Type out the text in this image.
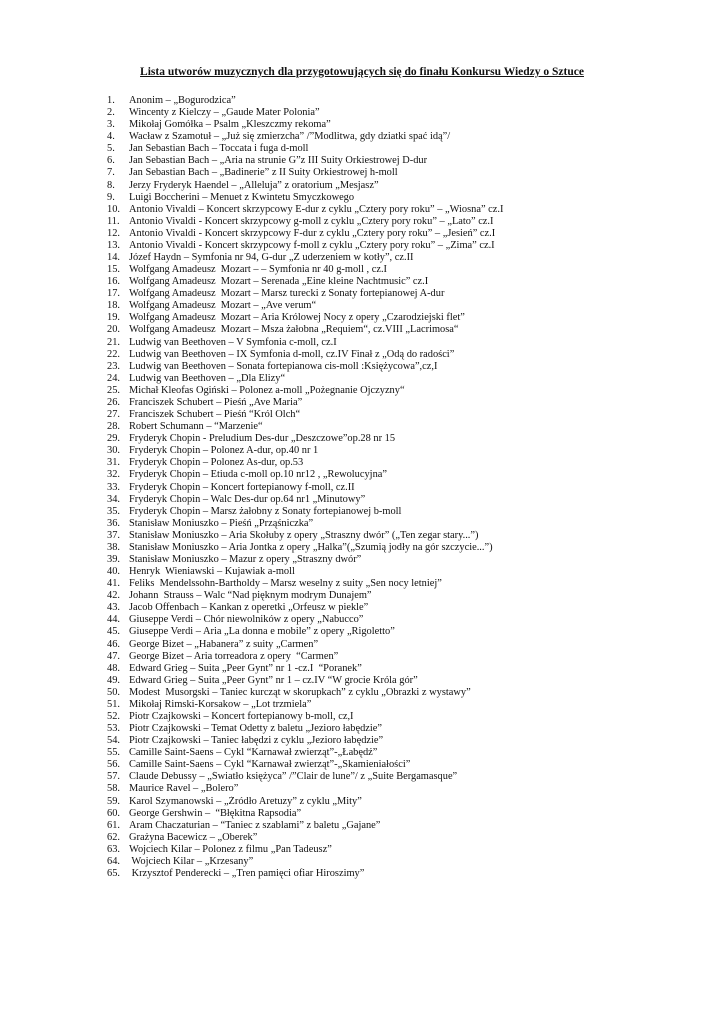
Lista utworów muzycznych dla przygotowujących się do finału Konkursu Wiedzy o Sztuce
1.	Anonim – „Bogurodzica”
2.	Wincenty z Kielczy – „Gaude Mater Polonia”
3.	Mikołaj Gomółka – Psalm „Kleszczmy rekoma”
4.	Wacław z Szamotuł – „Już się zmierzcha” /”Modlitwa, gdy dziatki spać idą”/
5.	Jan Sebastian Bach – Toccata i fuga d-moll
6.	Jan Sebastian Bach – „Aria na strunie G”z III Suity Orkiestrowej D-dur
7.	Jan Sebastian Bach – „Badinerie” z II Suity Orkiestrowej h-moll
8.	Jerzy Fryderyk Haendel – „Alleluja” z oratorium „Mesjasz”
9.	Luigi Boccherini – Menuet z Kwintetu Smyczkowego
10. Antonio Vivaldi – Koncert skrzypcowy E-dur z cyklu „Cztery pory roku” – „Wiosna” cz.I
11. Antonio Vivaldi - Koncert skrzypcowy g-moll z cyklu „Cztery pory roku” – „Lato” cz.I
12. Antonio Vivaldi - Koncert skrzypcowy F-dur z cyklu „Cztery pory roku” – „Jesień” cz.I
13. Antonio Vivaldi - Koncert skrzypcowy f-moll z cyklu „Cztery pory roku” – „Zima” cz.I
14. Józef Haydn – Symfonia nr 94, G-dur „Z uderzeniem w kotły”, cz.II
15. Wolfgang Amadeusz  Mozart – – Symfonia nr 40 g-moll , cz.I
16. Wolfgang Amadeusz  Mozart – Serenada „Eine kleine Nachtmusic” cz.I
17. Wolfgang Amadeusz  Mozart – Marsz turecki z Sonaty fortepianowej A-dur
18. Wolfgang Amadeusz  Mozart – „Ave verum“
19. Wolfgang Amadeusz  Mozart – Aria Królowej Nocy z opery „Czarodziejski flet”
20. Wolfgang Amadeusz  Mozart – Msza żałobna „Requiem“, cz.VIII „Lacrimosa“
21. Ludwig van Beethoven – V Symfonia c-moll, cz.I
22. Ludwig van Beethoven – IX Symfonia d-moll, cz.IV Finał z „Odą do radości”
23. Ludwig van Beethoven – Sonata fortepianowa cis-moll :Księżycowa”,cz,I
24. Ludwig van Beethoven – „Dla Elizy“
25. Michał Kleofas Ogiński – Polonez a-moll „Pożegnanie Ojczyzny“
26. Franciszek Schubert – Pieśń „Ave Maria”
27. Franciszek Schubert – Pieśń “Król Olch“
28. Robert Schumann – “Marzenie“
29. Fryderyk Chopin - Preludium Des-dur „Deszczowe”op.28 nr 15
30. Fryderyk Chopin – Polonez A-dur, op.40 nr 1
31. Fryderyk Chopin – Polonez As-dur, op.53
32. Fryderyk Chopin – Etiuda c-moll op.10 nr12 , „Rewolucyjna”
33. Fryderyk Chopin – Koncert fortepianowy f-moll, cz.II
34. Fryderyk Chopin – Walc Des-dur op.64 nr1 „Minutowy”
35. Fryderyk Chopin – Marsz żałobny z Sonaty fortepianowej b-moll
36. Stanisław Moniuszko – Pieśń „Prząśniczka”
37. Stanisław Moniuszko – Aria Skołuby z opery „Straszny dwór” („Ten zegar stary...”)
38. Stanisław Moniuszko – Aria Jontka z opery „Halka”(„Szumią jodły na gór szczycie...”)
39. Stanisław Moniuszko – Mazur z opery „Straszny dwór”
40. Henryk  Wieniawski – Kujawiak a-moll
41. Feliks  Mendelssohn-Bartholdy – Marsz weselny z suity „Sen nocy letniej”
42. Johann  Strauss – Walc “Nad pięknym modrym Dunajem”
43. Jacob Offenbach – Kankan z operetki „Orfeusz w piekle”
44. Giuseppe Verdi – Chór niewolników z opery „Nabucco”
45. Giuseppe Verdi – Aria „La donna e mobile” z opery „Rigoletto”
46. George Bizet – „Habanera” z suity „Carmen”
47. George Bizet – Aria torreadora z opery  “Carmen”
48. Edward Grieg – Suita „Peer Gynt” nr 1 -cz.I  “Poranek”
49. Edward Grieg – Suita „Peer Gynt” nr 1 – cz.IV “W grocie Króla gór”
50. Modest  Musorgski – Taniec kurcząt w skorupkach” z cyklu „Obrazki z wystawy”
51. Mikołaj Rimski-Korsakow – „Lot trzmiela”
52. Piotr Czajkowski – Koncert fortepianowy b-moll, cz,I
53. Piotr Czajkowski – Temat Odetty z baletu „Jezioro łabędzie”
54. Piotr Czajkowski – Taniec łabędzi z cyklu „Jezioro łabędzie”
55. Camille Saint-Saens – Cykl “Karnawał zwierząt”-„Łabędź”
56. Camille Saint-Saens – Cykl “Karnawał zwierząt”-„Skamieniałości”
57. Claude Debussy – „Światło księżyca” /”Clair de lune”/ z „Suite Bergamasque”
58. Maurice Ravel – „Bolero”
59. Karol Szymanowski – „Źródło Aretuzy” z cyklu „Mity”
60. George Gershwin –  “Błękitna Rapsodia”
61. Aram Chaczaturian – “Taniec z szablami” z baletu „Gajane”
62. Grażyna Bacewicz – „Oberek”
63. Wojciech Kilar – Polonez z filmu „Pan Tadeusz”
64. Wojciech Kilar – „Krzesany”
65. Krzysztof Penderecki – „Tren pamięci ofiar Hiroszimy”
